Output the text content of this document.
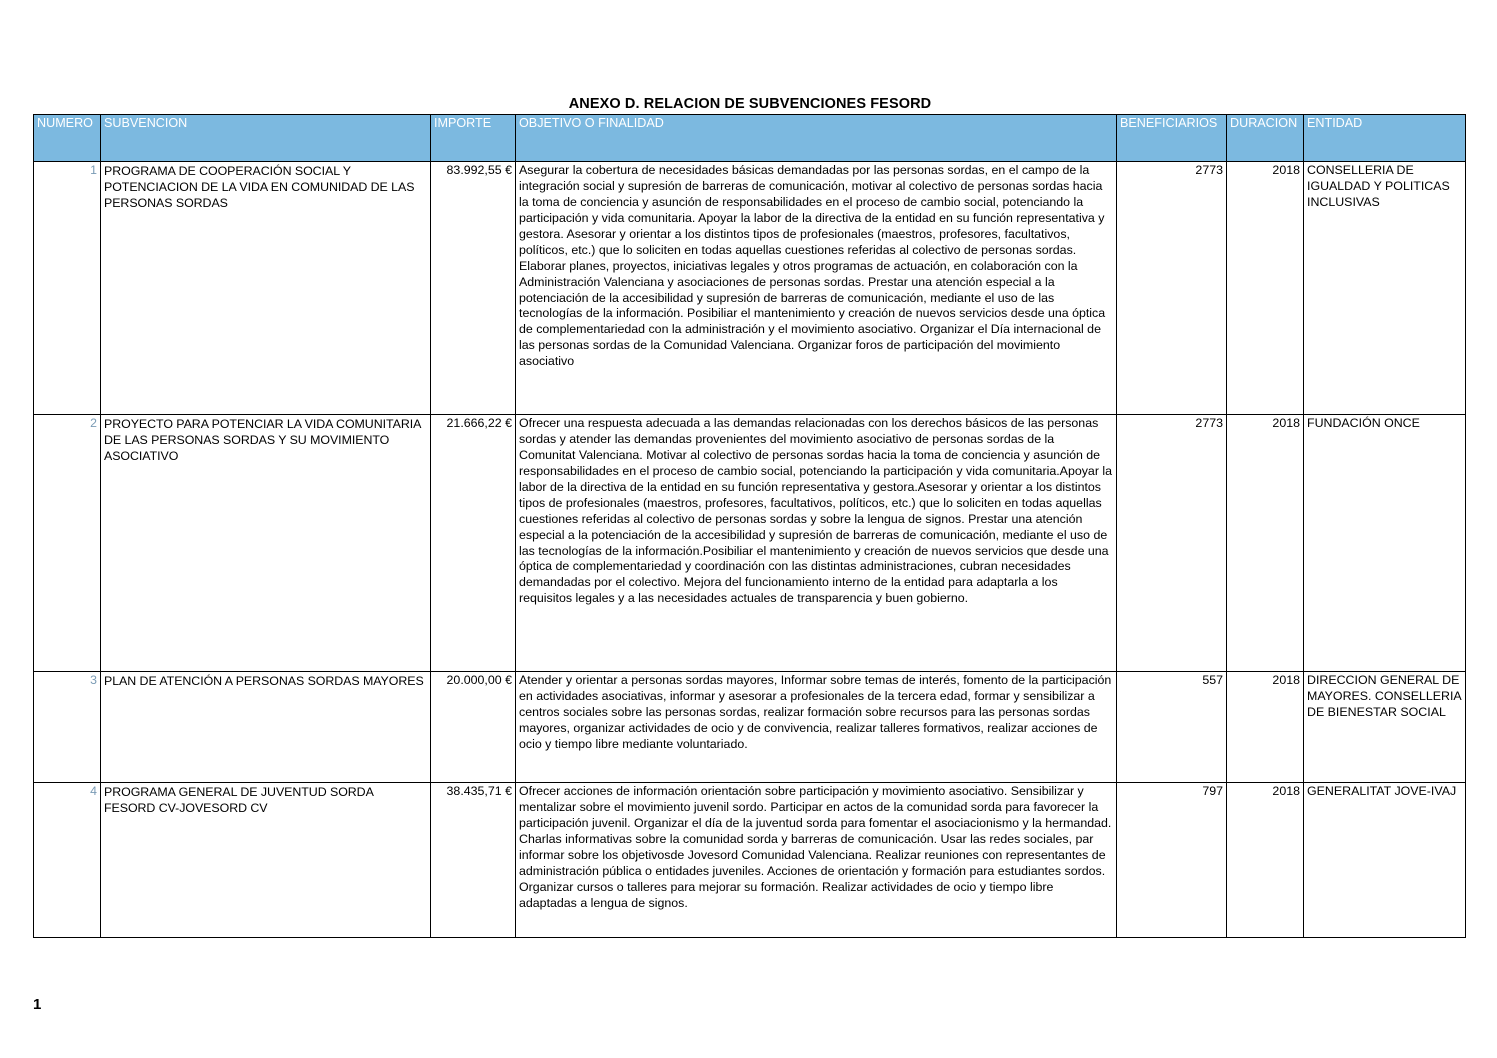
ANEXO D. RELACION DE SUBVENCIONES FESORD
NUMERO	SUBVENCION	IMPORTE	OBJETIVO O FINALIDAD	BENEFICIARIOS	DURACION	ENTIDAD
1	PROGRAMA DE COOPERACIÓN SOCIAL Y POTENCIACION DE LA VIDA EN COMUNIDAD DE LAS PERSONAS SORDAS	83.992,55 €	Asegurar la cobertura de necesidades básicas demandadas por las personas sordas, en el campo de la integración social y supresión de barreras de comunicación, motivar al colectivo de personas sordas hacia la toma de conciencia y asunción de responsabilidades en el proceso de cambio social, potenciando la participación y vida comunitaria. Apoyar la labor de la directiva de la entidad en su función representativa y gestora. Asesorar y orientar a los distintos tipos de profesionales (maestros, profesores, facultativos, políticos, etc.) que lo soliciten en todas aquellas cuestiones referidas al colectivo de personas sordas. Elaborar planes, proyectos, iniciativas legales y otros programas de actuación, en colaboración con la Administración Valenciana y asociaciones de personas sordas. Prestar una atención especial a la potenciación de la accesibilidad y supresión de barreras de comunicación, mediante el uso de las tecnologías de la información. Posibiliar el mantenimiento y creación de nuevos servicios desde una óptica de complementariedad con la administración y el movimiento asociativo. Organizar el Día internacional de las personas sordas de la Comunidad Valenciana. Organizar foros de participación del movimiento asociativo	2773	2018	CONSELLERIA DE IGUALDAD Y POLITICAS INCLUSIVAS
2	PROYECTO PARA POTENCIAR LA VIDA COMUNITARIA DE LAS PERSONAS SORDAS Y SU MOVIMIENTO ASOCIATIVO	21.666,22 €	Ofrecer una respuesta adecuada a las demandas relacionadas con los derechos básicos de las personas sordas y atender las demandas provenientes del movimiento asociativo de personas sordas de la Comunitat Valenciana. Motivar al colectivo de personas sordas hacia la toma de conciencia y asunción de responsabilidades en el proceso de cambio social, potenciando la participación y vida comunitaria.Apoyar la labor de la directiva de la entidad en su función representativa y gestora.Asesorar y orientar a los distintos tipos de profesionales (maestros, profesores, facultativos, políticos, etc.) que lo soliciten en todas aquellas cuestiones referidas al colectivo de personas sordas y sobre la lengua de signos. Prestar una atención especial a la potenciación de la accesibilidad y supresión de barreras de comunicación, mediante el uso de las tecnologías de la información.Posibiliar el mantenimiento y creación de nuevos servicios que desde una óptica de complementariedad y coordinación con las distintas administraciones, cubran necesidades demandadas por el colectivo. Mejora del funcionamiento interno de la entidad para adaptarla a los requisitos legales y a las necesidades actuales de transparencia y buen gobierno.	2773	2018	FUNDACIÓN ONCE
3	PLAN DE ATENCIÓN A PERSONAS SORDAS MAYORES	20.000,00 €	Atender y orientar a personas sordas mayores, Informar sobre temas de interés, fomento de la participación en actividades asociativas, informar y asesorar a profesionales de la tercera edad, formar y sensibilizar a centros sociales sobre las personas sordas, realizar formación sobre recursos para las personas sordas mayores, organizar actividades de ocio y de convivencia, realizar talleres formativos, realizar acciones de ocio y tiempo libre mediante voluntariado.	557	2018	DIRECCION GENERAL DE MAYORES. CONSELLERIA DE BIENESTAR SOCIAL
4	PROGRAMA GENERAL DE JUVENTUD SORDA FESORD CV-JOVESORD CV	38.435,71 €	Ofrecer acciones de información orientación sobre participación y movimiento asociativo. Sensibilizar y mentalizar sobre el movimiento juvenil sordo. Participar en actos de la comunidad sorda para favorecer la participación juvenil. Organizar el día de la juventud sorda para fomentar el asociacionismo y la hermandad. Charlas informativas sobre la comunidad sorda y barreras de comunicación. Usar las redes sociales, par informar sobre los objetivosde Jovesord Comunidad Valenciana. Realizar reuniones con representantes de administración pública o entidades juveniles. Acciones de orientación y formación para estudiantes sordos. Organizar cursos o talleres para mejorar su formación. Realizar actividades de ocio y tiempo libre adaptadas a lengua de signos.	797	2018	GENERALITAT JOVE-IVAJ
1
